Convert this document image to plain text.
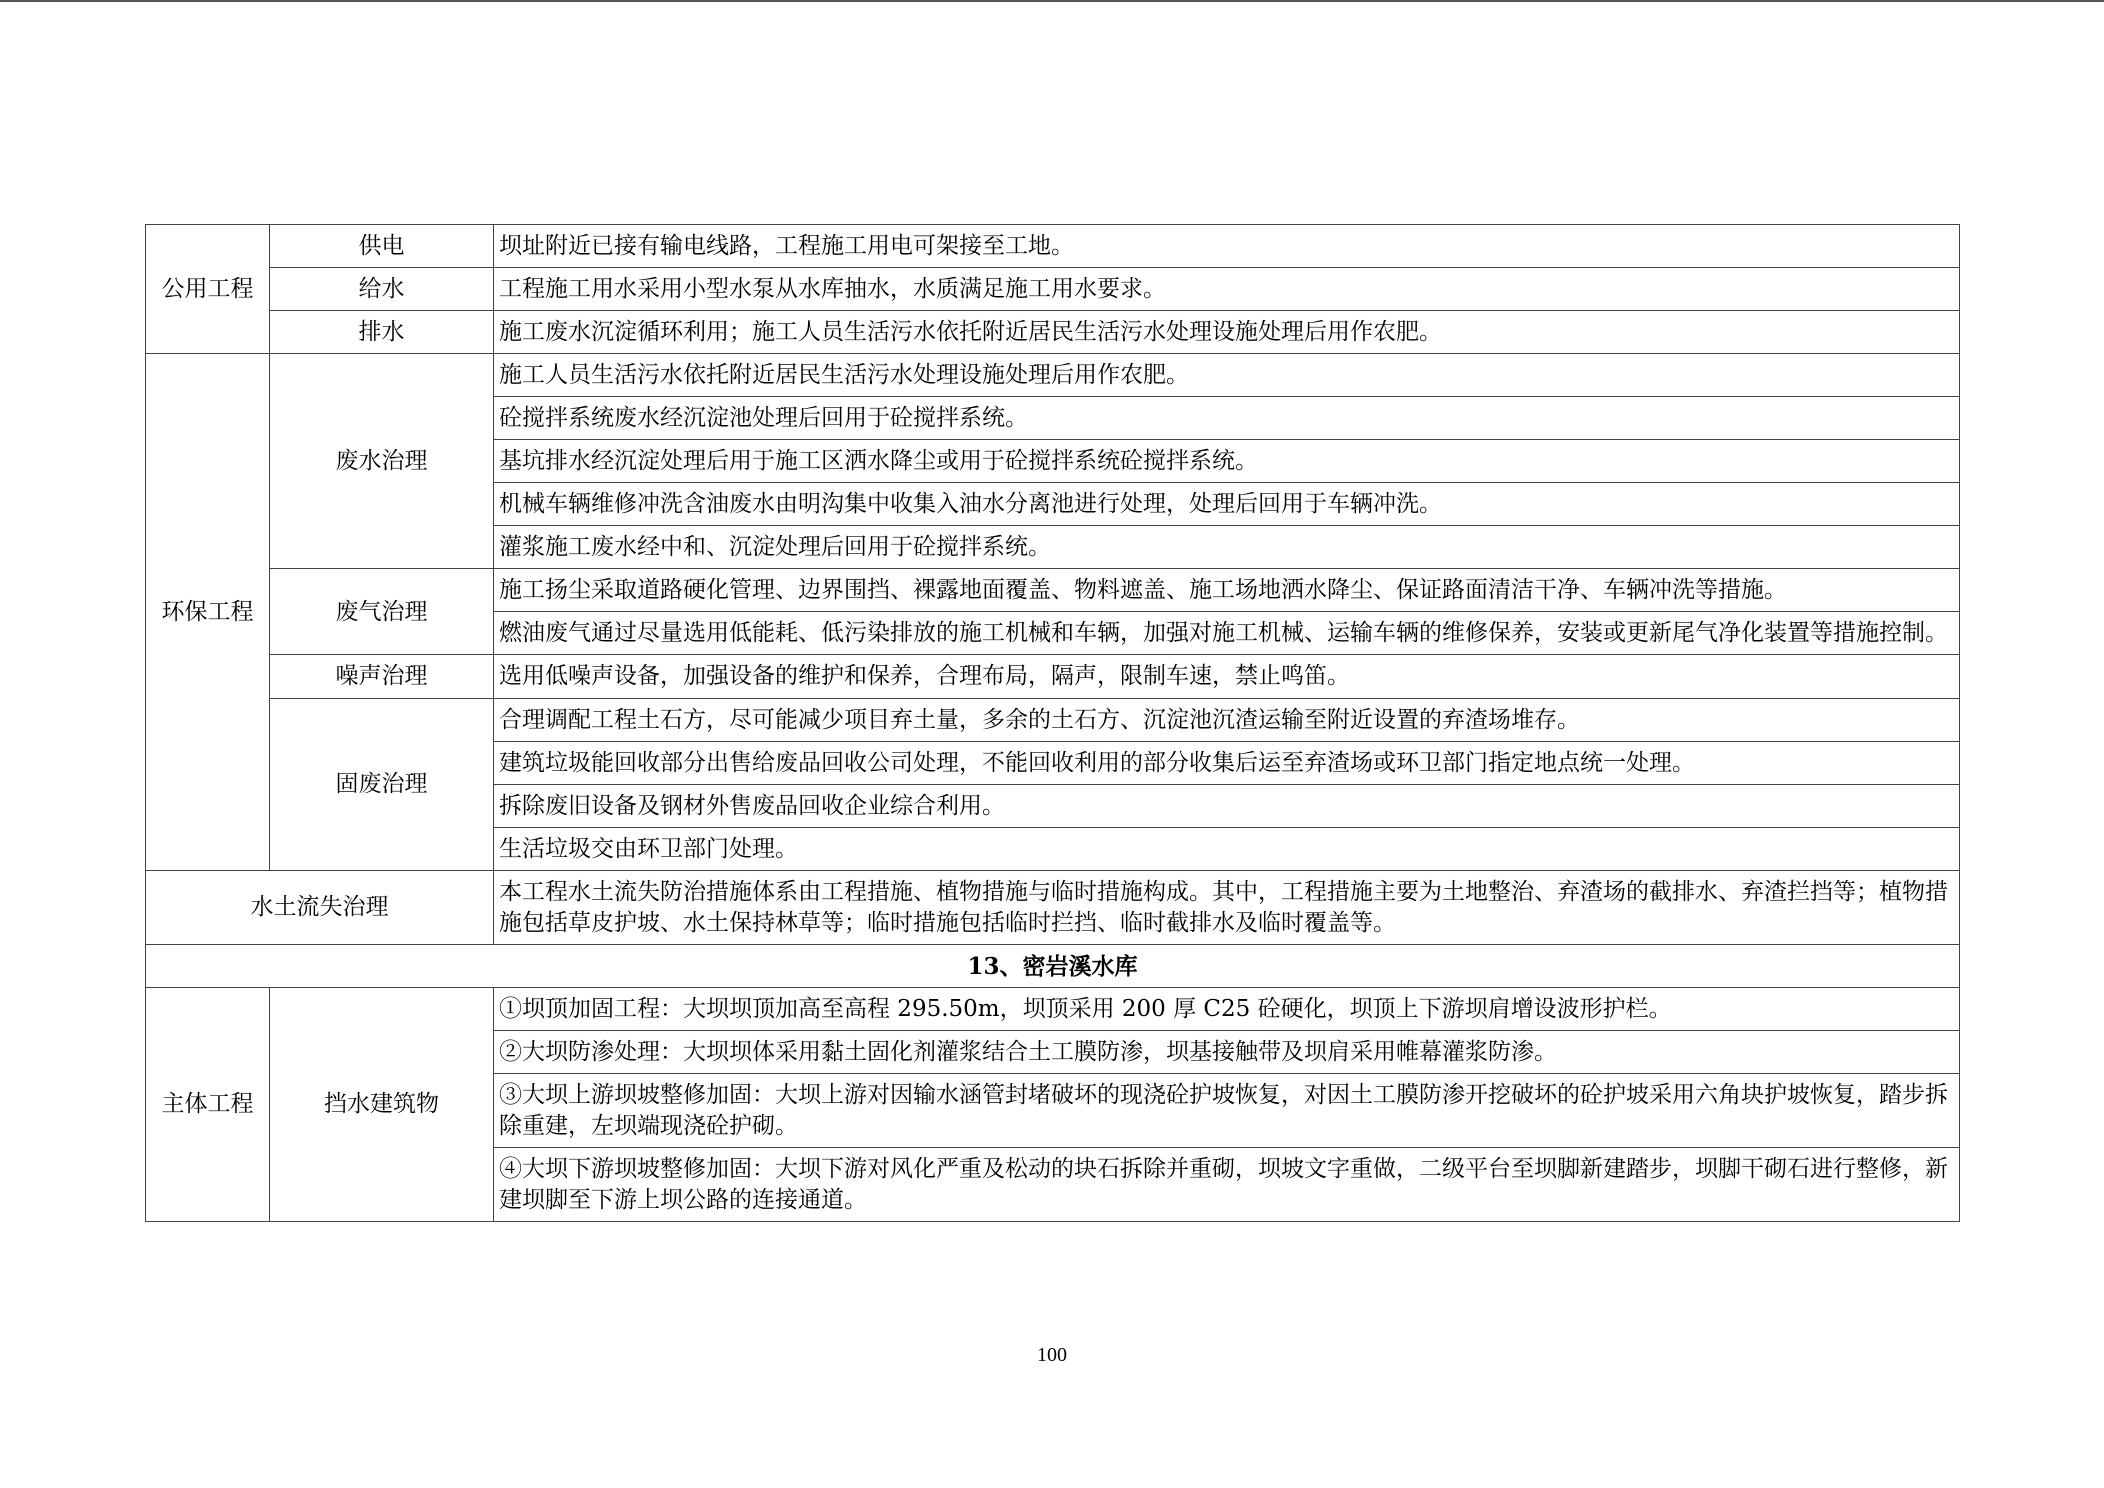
公用工程	供电	坝址附近已接有输电线路，工程施工用电可架接至工地。
	给水	工程施工用水采用小型水泵从水库抽水，水质满足施工用水要求。
	排水	施工废水沉淀循环利用；施工人员生活污水依托附近居民生活污水处理设施处理后用作农肥。
环保工程	废水治理	施工人员生活污水依托附近居民生活污水处理设施处理后用作农肥。
		砼搅拌系统废水经沉淀池处理后回用于砼搅拌系统。
		基坑排水经沉淀处理后用于施工区洒水降尘或用于砼搅拌系统砼搅拌系统。
		机械车辆维修冲洗含油废水由明沟集中收集入油水分离池进行处理，处理后回用于车辆冲洗。
		灌浆施工废水经中和、沉淀处理后回用于砼搅拌系统。
	废气治理	施工扬尘采取道路硬化管理、边界围挡、裸露地面覆盖、物料遮盖、施工场地洒水降尘、保证路面清洁干净、车辆冲洗等措施。
		燃油废气通过尽量选用低能耗、低污染排放的施工机械和车辆，加强对施工机械、运输车辆的维修保养，安装或更新尾气净化装置等措施控制。
	噪声治理	选用低噪声设备，加强设备的维护和保养，合理布局，隔声，限制车速，禁止鸣笛。
	固废治理	合理调配工程土石方，尽可能减少项目弃土量，多余的土石方、沉淀池沉渣运输至附近设置的弃渣场堆存。
		建筑垃圾能回收部分出售给废品回收公司处理，不能回收利用的部分收集后运至弃渣场或环卫部门指定地点统一处理。
		拆除废旧设备及钢材外售废品回收企业综合利用。
		生活垃圾交由环卫部门处理。
水土流失治理		本工程水土流失防治措施体系由工程措施、植物措施与临时措施构成。其中，工程措施主要为土地整治、弃渣场的截排水、弃渣拦挡等；植物措施包括草皮护坡、水土保持林草等；临时措施包括临时拦挡、临时截排水及临时覆盖等。
13、密岩溪水库		
主体工程	挡水建筑物	①坝顶加固工程：大坝坝顶加高至高程 295.50m，坝顶采用 200 厚 C25 砼硬化，坝顶上下游坝肩增设波形护栏。
		②大坝防渗处理：大坝坝体采用黏土固化剂灌浆结合土工膜防渗，坝基接触带及坝肩采用帷幕灌浆防渗。
		③大坝上游坝坡整修加固：大坝上游对因输水涵管封堵破坏的现浇砼护坡恢复，对因土工膜防渗开挖破坏的砼护坡采用六角块护坡恢复，踏步拆除重建，左坝端现浇砼护砌。
		④大坝下游坝坡整修加固：大坝下游对风化严重及松动的块石拆除并重砌，坝坡文字重做，二级平台至坝脚新建踏步，坝脚干砌石进行整修，新建坝脚至下游上坝公路的连接通道。
100
